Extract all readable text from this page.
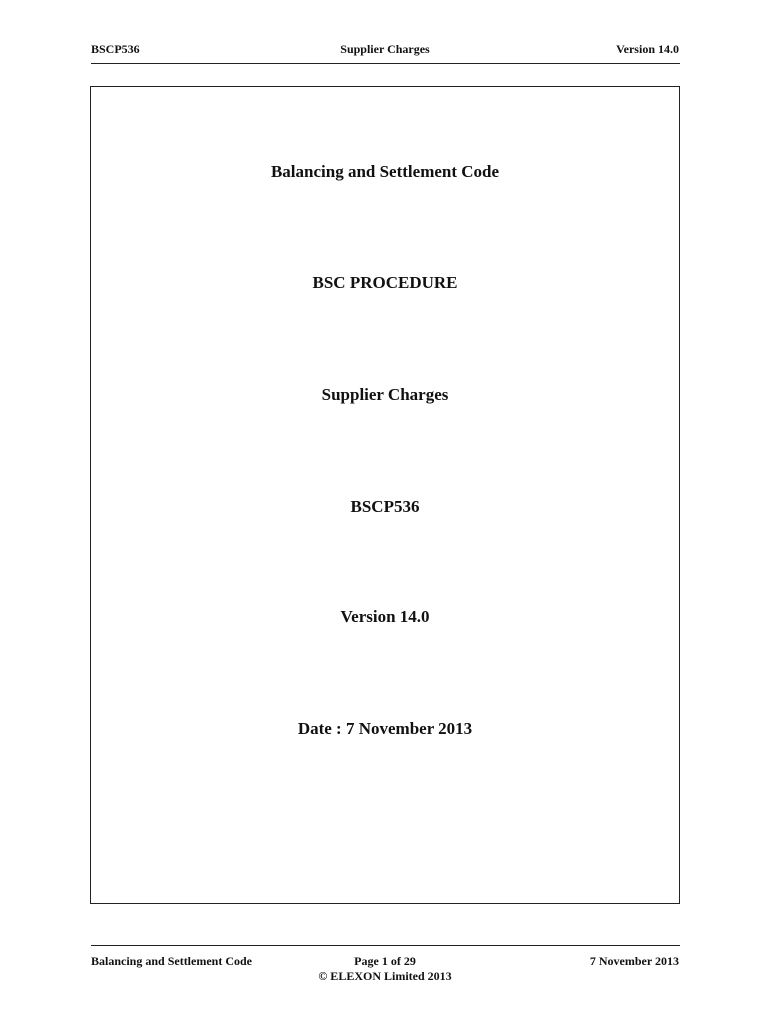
BSCP536	Supplier Charges	Version 14.0
Balancing and Settlement Code
BSC PROCEDURE
Supplier Charges
BSCP536
Version 14.0
Date : 7 November 2013
Balancing and Settlement Code	Page 1 of 29
© ELEXON Limited 2013
7 November 2013
